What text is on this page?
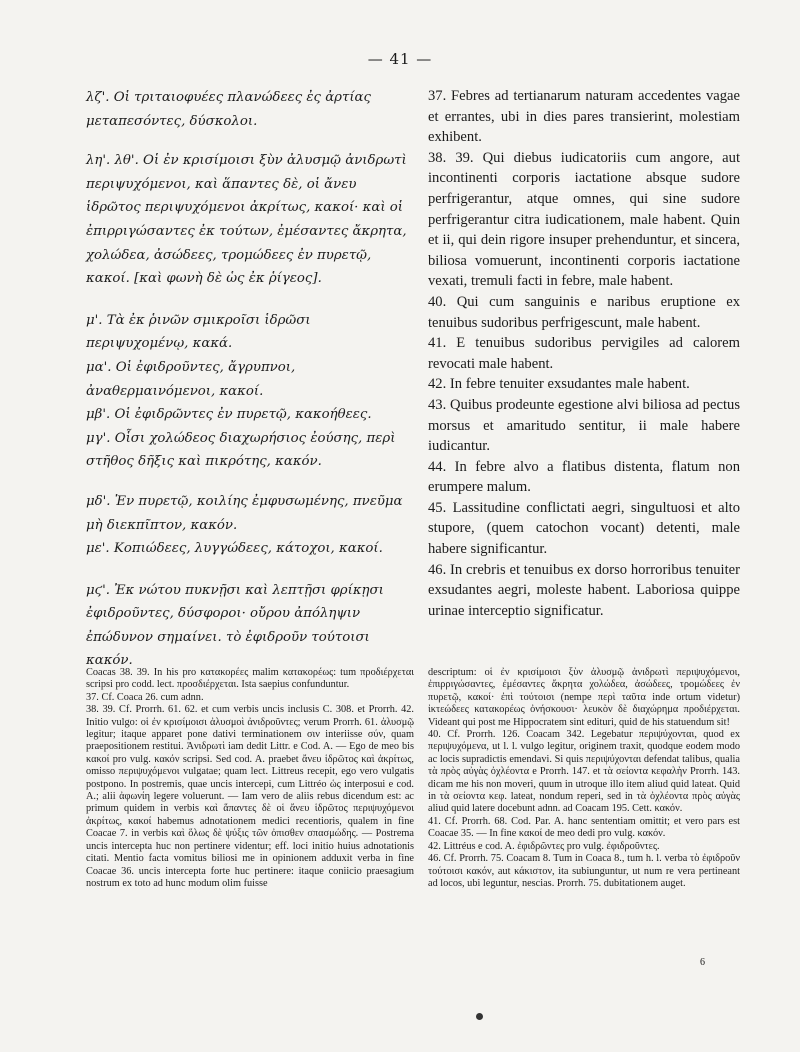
— 41 —

λζ'. Οἱ τριταιοφυέες πλανώδεες ἐς ἀρτίας μεταπεσόντες, δύσκολοι.

λη'. λθ'. Οἱ ἐν κρισίμοισι ξὺν ἀλυσμῷ ἀνιδρωτὶ περιψυχόμενοι, καὶ ἅπαντες δὲ, οἱ ἄνευ ἱδρῶτος περιψυχόμενοι ἀκρίτως, κακοί· καὶ οἱ ἐπιρριγώσαντες ἐκ τούτων, ἐμέσαντες ἄκρητα, χολώδεα, ἀσώδεες, τρομώδεες ἐν πυρετῷ, κακοί. [καὶ φωνὴ δὲ ὡς ἐκ ῥίγεος].

μ'. Τὰ ἐκ ῥινῶν σμικροῖσι ἱδρῶσι περιψυχομένῳ, κακά.

μα'. Οἱ ἐφιδροῦντες, ἄγρυπνοι, ἀναθερμαινόμενοι, κακοί.

μβ'. Οἱ ἐφιδρῶντες ἐν πυρετῷ, κακοήθεες.

μγ'. Οἷσι χολώδεος διαχωρήσιος ἐούσης, περὶ στῆθος δῆξις καὶ πικρότης, κακόν.

μδ'. Ἐν πυρετῷ, κοιλίης ἐμφυσωμένης, πνεῦμα μὴ διεκπῖπτον, κακόν.

με'. Κοπιώδεες, λυγγώδεες, κάτοχοι, κακοί.

μϛ'. Ἐκ νώτου πυκνῇσι καὶ λεπτῇσι φρίκῃσι ἐφιδροῦντες, δύσφοροι· οὔρου ἀπόληψιν ἐπώδυνον σημαίνει. τὸ ἐφιδροῦν τούτοισι κακόν.

37. Febres ad tertianarum naturam accedentes vagae et errantes, ubi in dies pares transierint, molestiam exhibent.

38. 39. Qui diebus iudicatoriis cum angore, aut incontinenti corporis iactatione absque sudore perfrigerantur, atque omnes, qui sine sudore perfrigerantur citra iudicationem, male habent. Quin et ii, qui dein rigore insuper prehenduntur, et sincera, biliosa vomuerunt, incontinenti corporis iactatione vexati, tremuli facti in febre, male habent.

40. Qui cum sanguinis e naribus eruptione ex tenuibus sudoribus perfrigescunt, male habent.

41. E tenuibus sudoribus pervigiles ad calorem revocati male habent.

42. In febre tenuiter exsudantes male habent.

43. Quibus prodeunte egestione alvi biliosa ad pectus morsus et amaritudo sentitur, ii male habere iudicantur.

44. In febre alvo a flatibus distenta, flatum non erumpere malum.

45. Lassitudine conflictati aegri, singultuosi et alto stupore, (quem catochon vocant) detenti, male habere significantur.

46. In crebris et tenuibus ex dorso horroribus tenuiter exsudantes aegri, moleste habent. Laboriosa quippe urinae interceptio significatur.

Coacas 38. 39. In his pro κατακορέες malim κατακορέως: tum προδιέρχεται scripsi pro codd. lect. προσδιέρχεται. Ista saepius confunduntur.

37. Cf. Coaca 26. cum adnn.

38. 39. Cf. Prorrh. 61. 62. et cum verbis uncis inclusis C. 308. et Prorrh. 42. Initio vulgo: οἱ ἐν κρισίμοισι ἀλυσμοὶ ἀνιδροῦντες; verum Prorrh. 61. ἀλυσμῷ legitur; itaque apparet pone dativi terminationem σιν interiisse σύν, quam praepositionem restitui. Ἀνιδρωτὶ iam dedit Littr. e Cod. A. — Ego de meo bis κακοί pro vulg. κακόν scripsi. Sed cod. A. praebet ἄνευ ἱδρῶτος καὶ ἀκρίτως, omisso περιψυχόμενοι vulgatae; quam lect. Littreus recepit, ego vero vulgatis postpono. In postremis, quae uncis intercepi, cum Littréo ὡς interposui e cod. A.; alii ἀφωνίη legere voluerunt. — Iam vero de aliis rebus dicendum est: ac primum quidem in verbis καὶ ἅπαντες δὲ οἱ ἄνευ ἱδρῶτος περιψυχόμενοι ἀκρίτως, κακοί habemus adnotationem medici recentioris, qualem in fine Coacae 7. in verbis καὶ ὅλως δὲ ψύξις τῶν ὀπισθεν σπασμώδης. — Postrema uncis intercepta huc non pertinere videntur; eff. loci initio huius adnotationis citati. Mentio facta vomitus biliosi me in opinionem adduxit verba in fine Coacae 36. uncis intercepta forte huc pertinere: itaque coniicio praesagium nostrum ex toto ad hunc modum olim fuisse

descriptum: οἱ ἐν κρισίμοισι ξὺν ἀλυσμῷ ἀνιδρωτὶ περιψυχόμενοι, ἐπιρριγώσαντες, ἐμέσαντες ἄκρητα χολώδεα, ἀσώδεες, τρομώδεες ἐν πυρετῷ, κακοί· ἐπὶ τούτοισι (nempe περὶ ταῦτα inde ortum videtur) ἰκτεώδεες κατακορέως ὀνήσκουσι· λευκὸν δὲ διαχώρημα προδιέρχεται. Videant qui post me Hippocratem sint edituri, quid de his statuendum sit!

40. Cf. Prorrh. 126. Coacam 342. Legebatur περιψύχονται, quod ex περιψυχόμενα, ut l. l. vulgo legitur, originem traxit, quodque eodem modo ac locis supradictis emendavi. Si quis περιψύχονται defendat talibus, qualia τὰ πρὸς αὐγὰς ὀχλέοντα e Prorrh. 147. et τὰ σείοντα κεφαλὴν Prorrh. 143. dicam me his non moveri, quum in utroque illo item aliud quid lateat. Quid in τὰ σείοντα κεφ. lateat, nondum reperi, sed in τὰ ὀχλέοντα πρὸς αὐγὰς aliud quid latere docebunt adnn. ad Coacam 195. Cett. κακόν.

41. Cf. Prorrh. 68. Cod. Par. A. hanc sententiam omittit; et vero pars est Coacae 35. — In fine κακοί de meo dedi pro vulg. κακόν.

42. Littréus e cod. A. ἐφιδρῶντες pro vulg. ἐφιδροῦντες.

46. Cf. Prorrh. 75. Coacam 8. Tum in Coaca 8., tum h. l. verba τὸ ἐφιδροῦν τούτοισι κακόν, aut κάκιστον, ita subiunguntur, ut num re vera pertineant ad locos, ubi leguntur, nescias. Prorrh. 75. dubitationem auget.

6
